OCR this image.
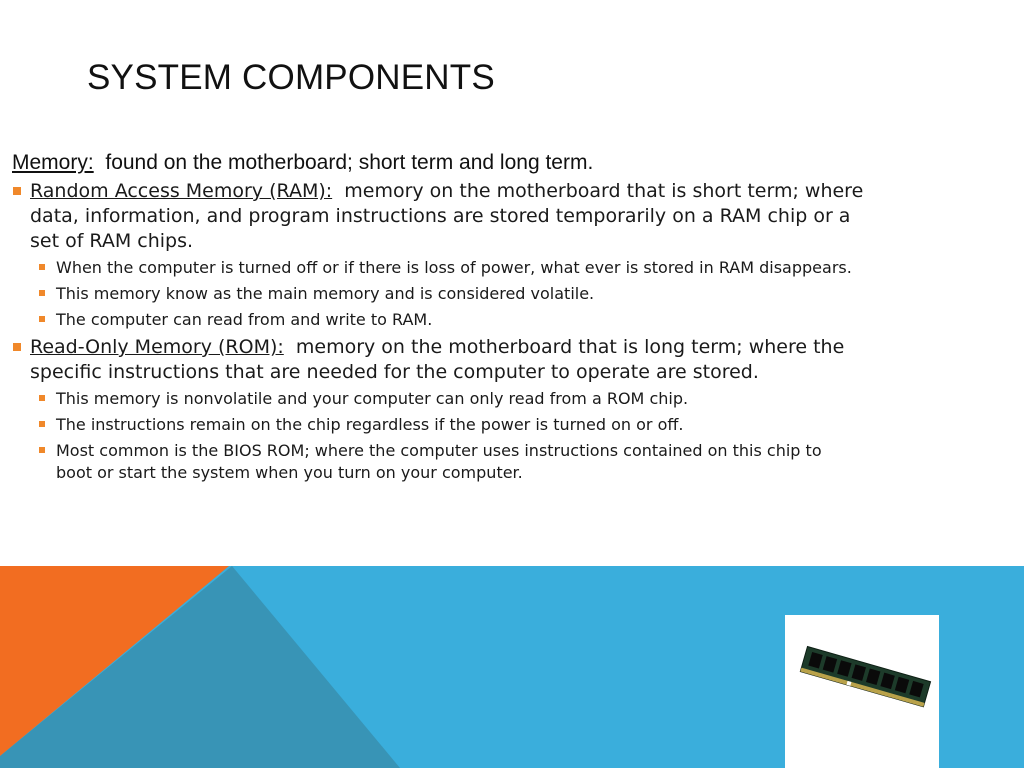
SYSTEM COMPONENTS
Memory: found on the motherboard; short term and long term.
Random Access Memory (RAM): memory on the motherboard that is short term; where data, information, and program instructions are stored temporarily on a RAM chip or a set of RAM chips.
When the computer is turned off or if there is loss of power, what ever is stored in RAM disappears.
This memory know as the main memory and is considered volatile.
The computer can read from and write to RAM.
Read-Only Memory (ROM): memory on the motherboard that is long term; where the specific instructions that are needed for the computer to operate are stored.
This memory is nonvolatile and your computer can only read from a ROM chip.
The instructions remain on the chip regardless if the power is turned on or off.
Most common is the BIOS ROM; where the computer uses instructions contained on this chip to boot or start the system when you turn on your computer.
